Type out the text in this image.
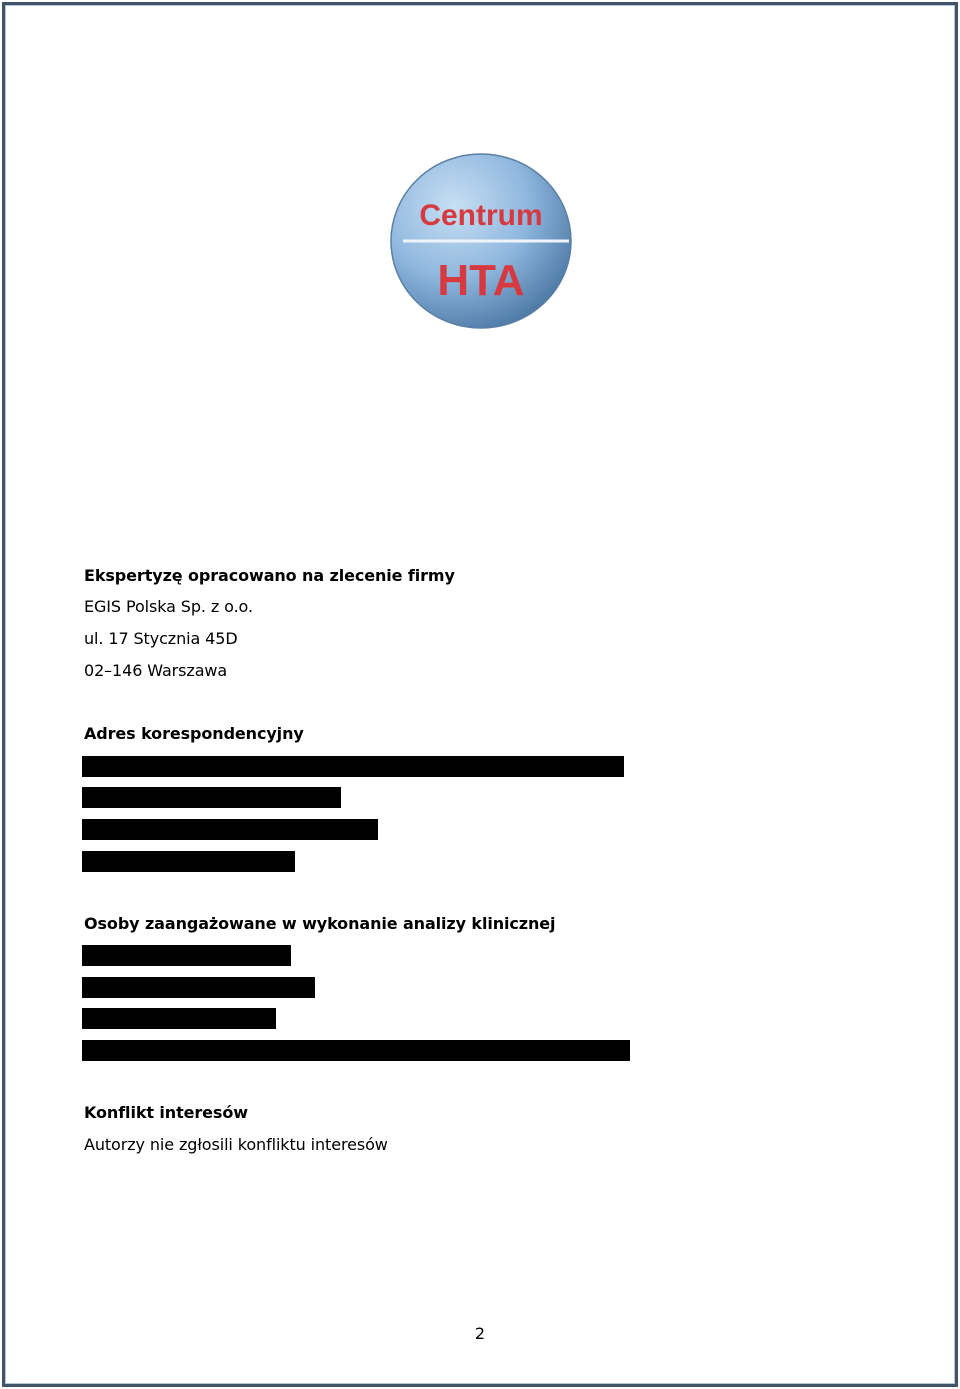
Centrum
HTA
Ekspertyzę opracowano na zlecenie firmy
EGIS Polska Sp. z o.o.
ul. 17 Stycznia 45D
02–146 Warszawa
Adres korespondencyjny
Osoby zaangażowane w wykonanie analizy klinicznej
Konflikt interesów
Autorzy nie zgłosili konfliktu interesów
2
